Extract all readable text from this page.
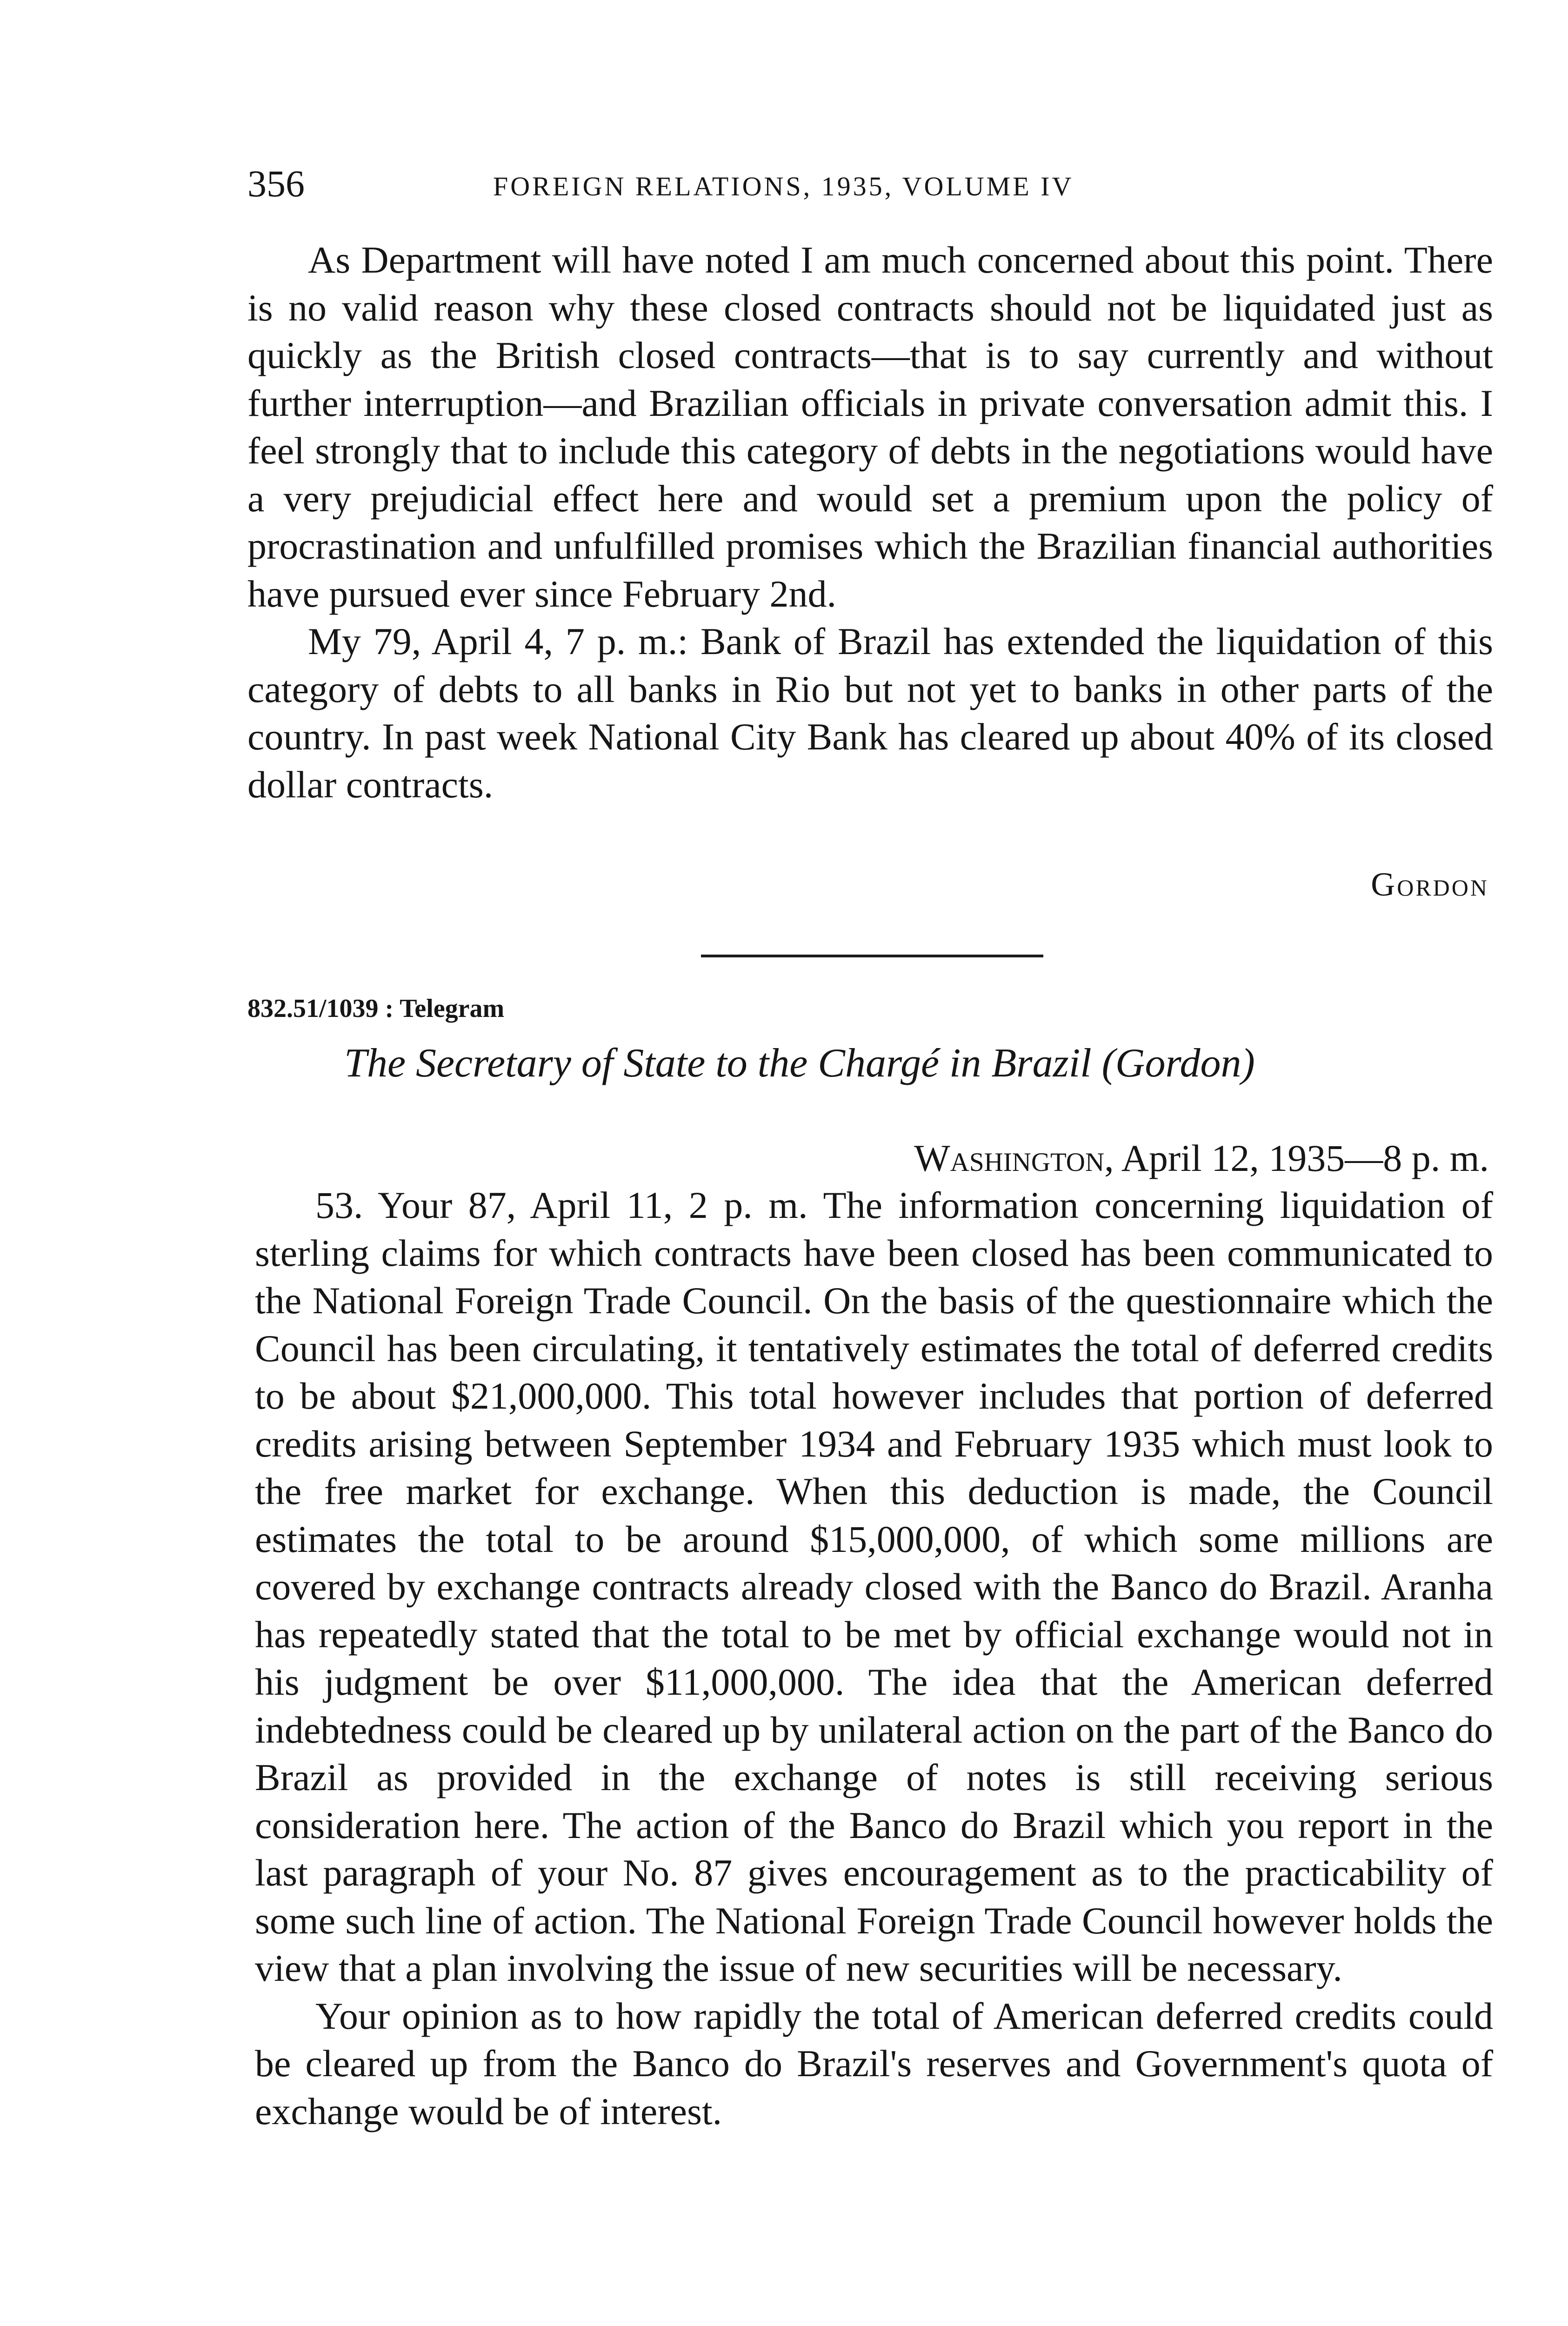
356	FOREIGN RELATIONS, 1935, VOLUME IV

As Department will have noted I am much concerned about this point. There is no valid reason why these closed contracts should not be liquidated just as quickly as the British closed contracts—that is to say currently and without further interruption—and Brazilian officials in private conversation admit this. I feel strongly that to include this category of debts in the negotiations would have a very prejudicial effect here and would set a premium upon the policy of procrastination and unfulfilled promises which the Brazilian financial authorities have pursued ever since February 2nd.

My 79, April 4, 7 p. m.: Bank of Brazil has extended the liquidation of this category of debts to all banks in Rio but not yet to banks in other parts of the country. In past week National City Bank has cleared up about 40% of its closed dollar contracts.

Gordon
832.51/1039 : Telegram
The Secretary of State to the Chargé in Brazil (Gordon)
Washington, April 12, 1935—8 p. m.

53. Your 87, April 11, 2 p. m. The information concerning liquidation of sterling claims for which contracts have been closed has been communicated to the National Foreign Trade Council. On the basis of the questionnaire which the Council has been circulating, it tentatively estimates the total of deferred credits to be about $21,000,000. This total however includes that portion of deferred credits arising between September 1934 and February 1935 which must look to the free market for exchange. When this deduction is made, the Council estimates the total to be around $15,000,000, of which some millions are covered by exchange contracts already closed with the Banco do Brazil. Aranha has repeatedly stated that the total to be met by official exchange would not in his judgment be over $11,000,000. The idea that the American deferred indebtedness could be cleared up by unilateral action on the part of the Banco do Brazil as provided in the exchange of notes is still receiving serious consideration here. The action of the Banco do Brazil which you report in the last paragraph of your No. 87 gives encouragement as to the practicability of some such line of action. The National Foreign Trade Council however holds the view that a plan involving the issue of new securities will be necessary.

Your opinion as to how rapidly the total of American deferred credits could be cleared up from the Banco do Brazil's reserves and Government's quota of exchange would be of interest.
